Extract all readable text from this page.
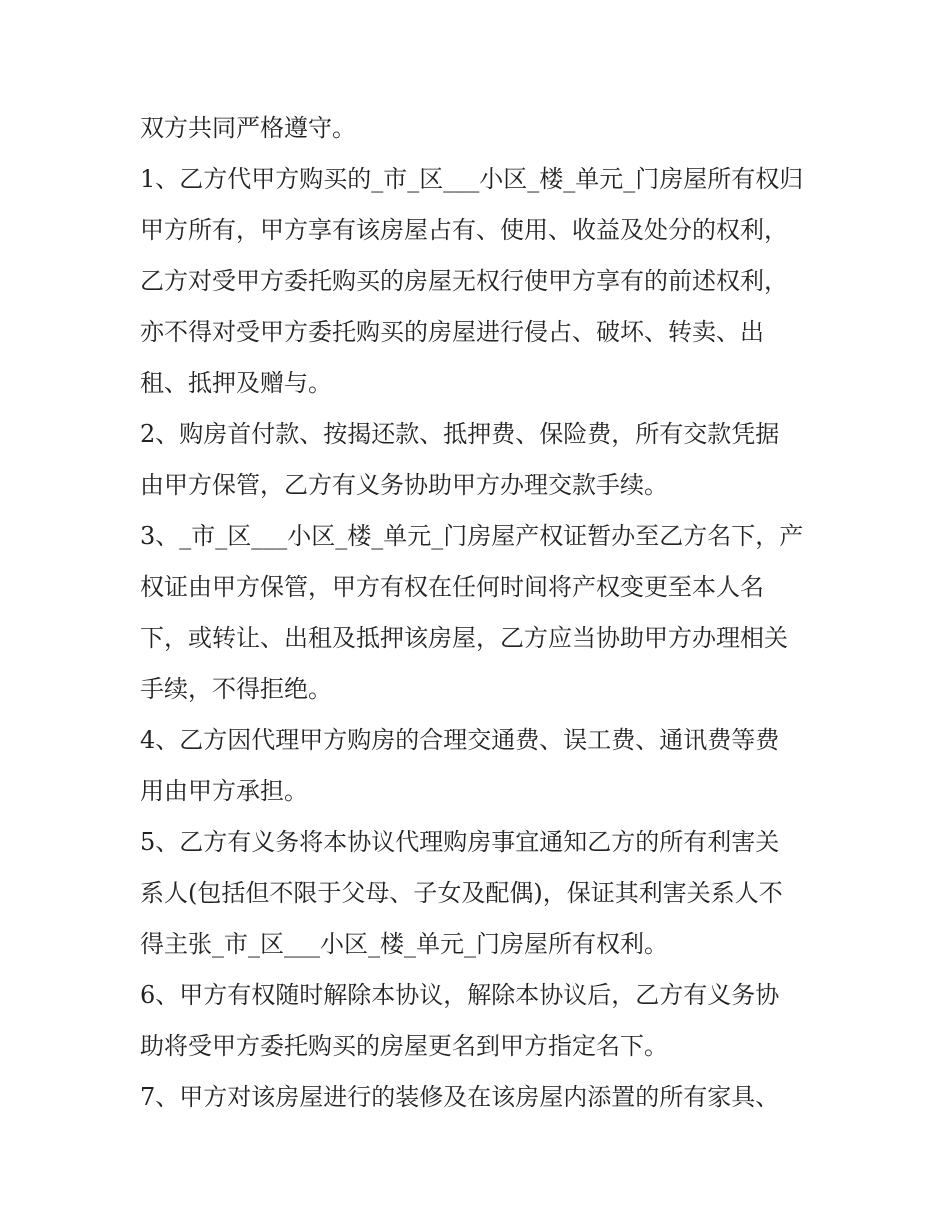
双方共同严格遵守。
1、乙方代甲方购买的_市_区___小区_楼_单元_门房屋所有权归
甲方所有，甲方享有该房屋占有、使用、收益及处分的权利，
乙方对受甲方委托购买的房屋无权行使甲方享有的前述权利，
亦不得对受甲方委托购买的房屋进行侵占、破坏、转卖、出
租、抵押及赠与。
2、购房首付款、按揭还款、抵押费、保险费，所有交款凭据
由甲方保管，乙方有义务协助甲方办理交款手续。
3、_市_区___小区_楼_单元_门房屋产权证暂办至乙方名下，产
权证由甲方保管，甲方有权在任何时间将产权变更至本人名
下，或转让、出租及抵押该房屋，乙方应当协助甲方办理相关
手续，不得拒绝。
4、乙方因代理甲方购房的合理交通费、误工费、通讯费等费
用由甲方承担。
5、乙方有义务将本协议代理购房事宜通知乙方的所有利害关
系人(包括但不限于父母、子女及配偶)，保证其利害关系人不
得主张_市_区___小区_楼_单元_门房屋所有权利。
6、甲方有权随时解除本协议，解除本协议后，乙方有义务协
助将受甲方委托购买的房屋更名到甲方指定名下。
7、甲方对该房屋进行的装修及在该房屋内添置的所有家具、
